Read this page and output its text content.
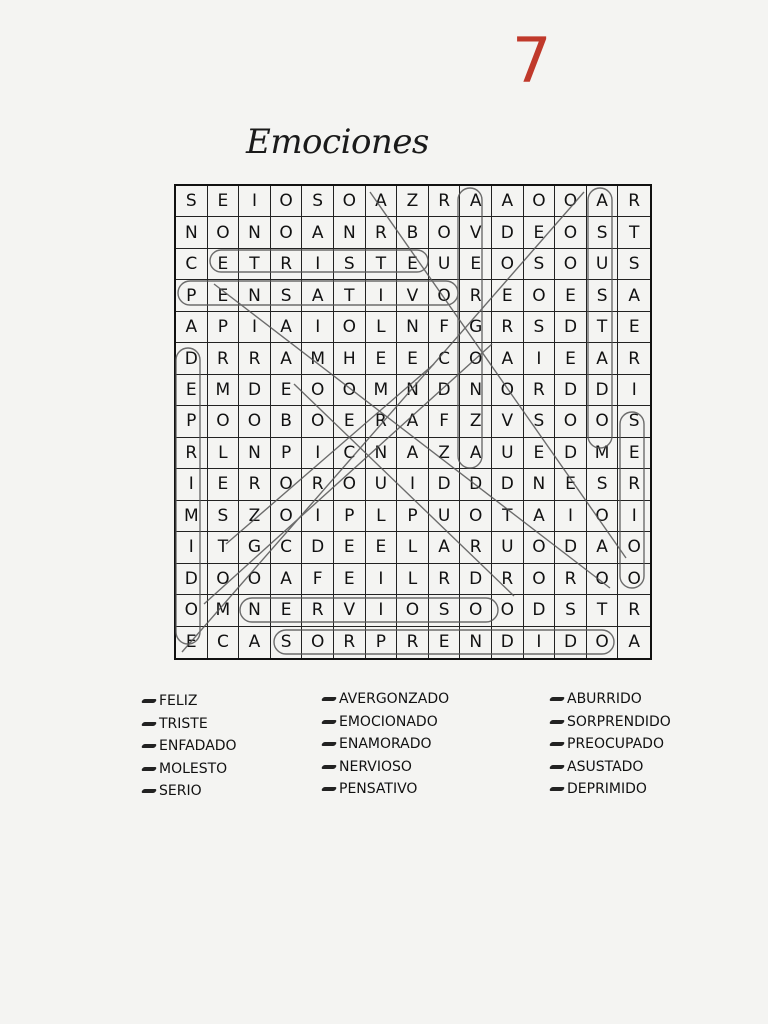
7
Emociones
S	E	I	O	S	O	A	Z	R	A	A	O	O	A	R
N	O	N	O	A	N	R	B	O	V	D	E	O	S	T
C	E	T	R	I	S	T	E	U	E	O	S	O	U	S
P	E	N	S	A	T	I	V	O	R	E	O	E	S	A
A	P	I	A	I	O	L	N	F	G	R	S	D	T	E
D	R	R	A	M	H	E	E	C	O	A	I	E	A	R
E	M	D	E	O	O	M	N	D	N	O	R	D	D	I
P	O	O	B	O	E	R	A	F	Z	V	S	O	O	S
R	L	N	P	I	C	N	A	Z	A	U	E	D	M	E
I	E	R	O	R	O	U	I	D	D	D	N	E	S	R
M	S	Z	O	I	P	L	P	U	O	T	A	I	O	I
I	T	G	C	D	E	E	L	A	R	U	O	D	A	O
D	O	O	A	F	E	I	L	R	D	R	O	R	O	O
O	M	N	E	R	V	I	O	S	O	O	D	S	T	R
E	C	A	S	O	R	P	R	E	N	D	I	D	O	A
FELIZ
TRISTE
ENFADADO
MOLESTO
SERIO
AVERGONZADO
EMOCIONADO
ENAMORADO
NERVIOSO
PENSATIVO
ABURRIDO
SORPRENDIDO
PREOCUPADO
ASUSTADO
DEPRIMIDO
